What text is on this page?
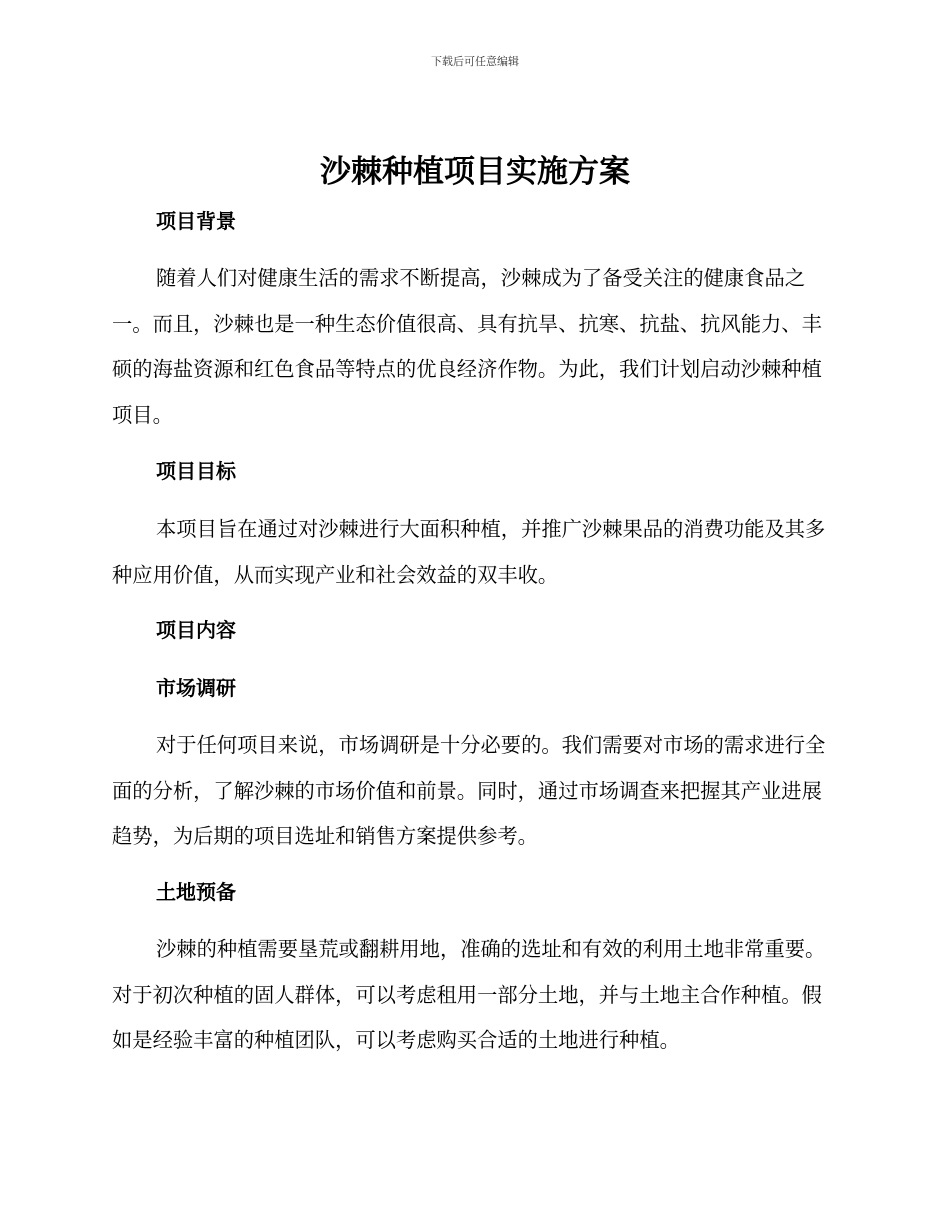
下载后可任意编辑
沙棘种植项目实施方案
项目背景

随着人们对健康生活的需求不断提高，沙棘成为了备受关注的健康食品之一。而且，沙棘也是一种生态价值很高、具有抗旱、抗寒、抗盐、抗风能力、丰硕的海盐资源和红色食品等特点的优良经济作物。为此，我们计划启动沙棘种植项目。

项目目标

本项目旨在通过对沙棘进行大面积种植，并推广沙棘果品的消费功能及其多种应用价值，从而实现产业和社会效益的双丰收。

项目内容
市场调研

对于任何项目来说，市场调研是十分必要的。我们需要对市场的需求进行全面的分析，了解沙棘的市场价值和前景。同时，通过市场调查来把握其产业进展趋势，为后期的项目选址和销售方案提供参考。

土地预备

沙棘的种植需要垦荒或翻耕用地，准确的选址和有效的利用土地非常重要。对于初次种植的固人群体，可以考虑租用一部分土地，并与土地主合作种植。假如是经验丰富的种植团队，可以考虑购买合适的土地进行种植。
